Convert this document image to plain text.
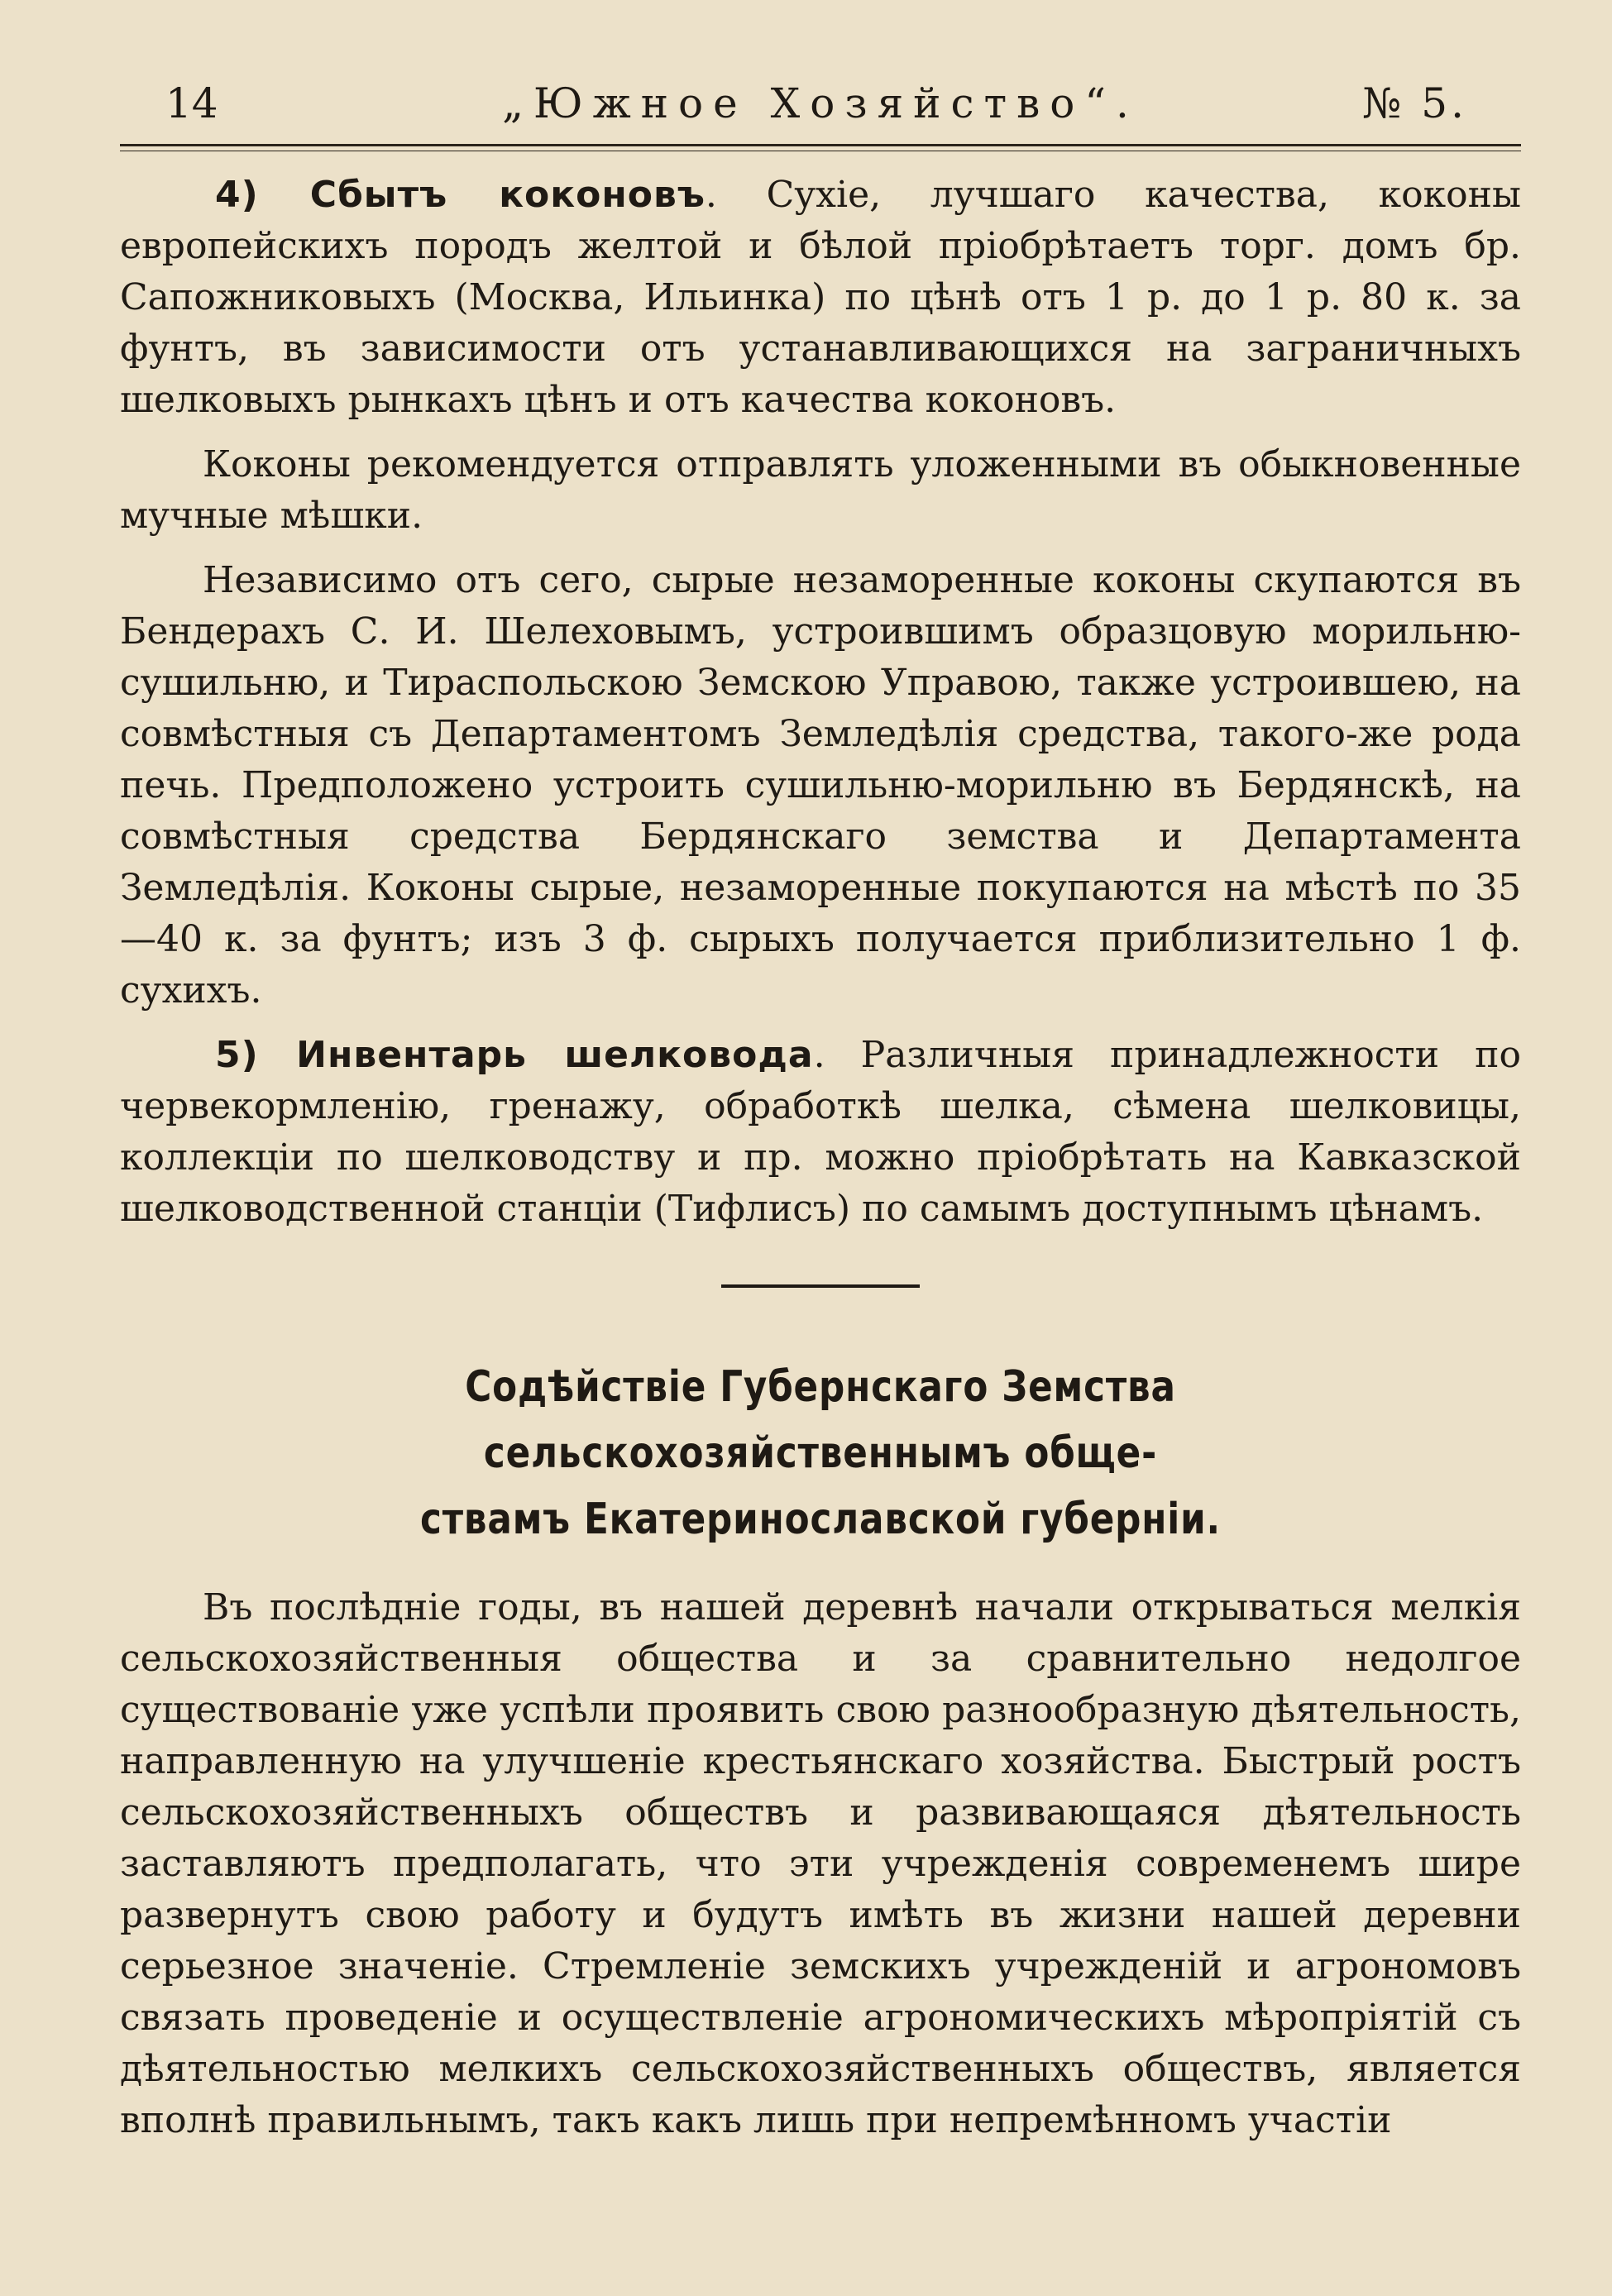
14	„Южное Хозяйство“.	№ 5.

4) Сбытъ коконовъ. Сухіе, лучшаго качества, коконы европейскихъ породъ желтой и бѣлой пріобрѣтаетъ торг. домъ бр. Сапожниковыхъ (Москва, Ильинка) по цѣнѣ отъ 1 р. до 1 р. 80 к. за фунтъ, въ зависимости отъ устанавливающихся на заграничныхъ шелковыхъ рынкахъ цѣнъ и отъ качества коконовъ.

Коконы рекомендуется отправлять уложенными въ обыкновенные мучные мѣшки.

Независимо отъ сего, сырые незаморенные коконы скупаются въ Бендерахъ С. И. Шелеховымъ, устроившимъ образцовую морильню-сушильню, и Тираспольскою Земскою Управою, также устроившею, на совмѣстныя съ Департаментомъ Земледѣлія средства, такого-же рода печь. Предположено устроить сушильню-морильню въ Бердянскѣ, на совмѣстныя средства Бердянскаго земства и Департамента Земледѣлія. Коконы сырые, незаморенные покупаются на мѣстѣ по 35—40 к. за фунтъ; изъ 3 ф. сырыхъ получается приблизительно 1 ф. сухихъ.

5) Инвентарь шелковода. Различныя принадлежности по червекормленію, гренажу, обработкѣ шелка, сѣмена шелковицы, коллекціи по шелководству и пр. можно пріобрѣтать на Кавказской шелководственной станціи (Тифлисъ) по самымъ доступнымъ цѣнамъ.

Содѣйствіе Губернскаго Земства сельскохозяйственнымъ обще-
ствамъ Екатеринославской губерніи.

Въ послѣдніе годы, въ нашей деревнѣ начали открываться мелкія сельскохозяйственныя общества и за сравнительно недолгое существованіе уже успѣли проявить свою разнообразную дѣятельность, направленную на улучшеніе крестьянскаго хозяйства. Быстрый ростъ сельскохозяйственныхъ обществъ и развивающаяся дѣятельность заставляютъ предполагать, что эти учрежденія современемъ шире развернутъ свою работу и будутъ имѣть въ жизни нашей деревни серьезное значеніе. Стремленіе земскихъ учрежденій и агрономовъ связать проведеніе и осуществленіе агрономическихъ мѣропріятій съ дѣятельностью мелкихъ сельскохозяйственныхъ обществъ, является вполнѣ правильнымъ, такъ какъ лишь при непремѣнномъ участіи
